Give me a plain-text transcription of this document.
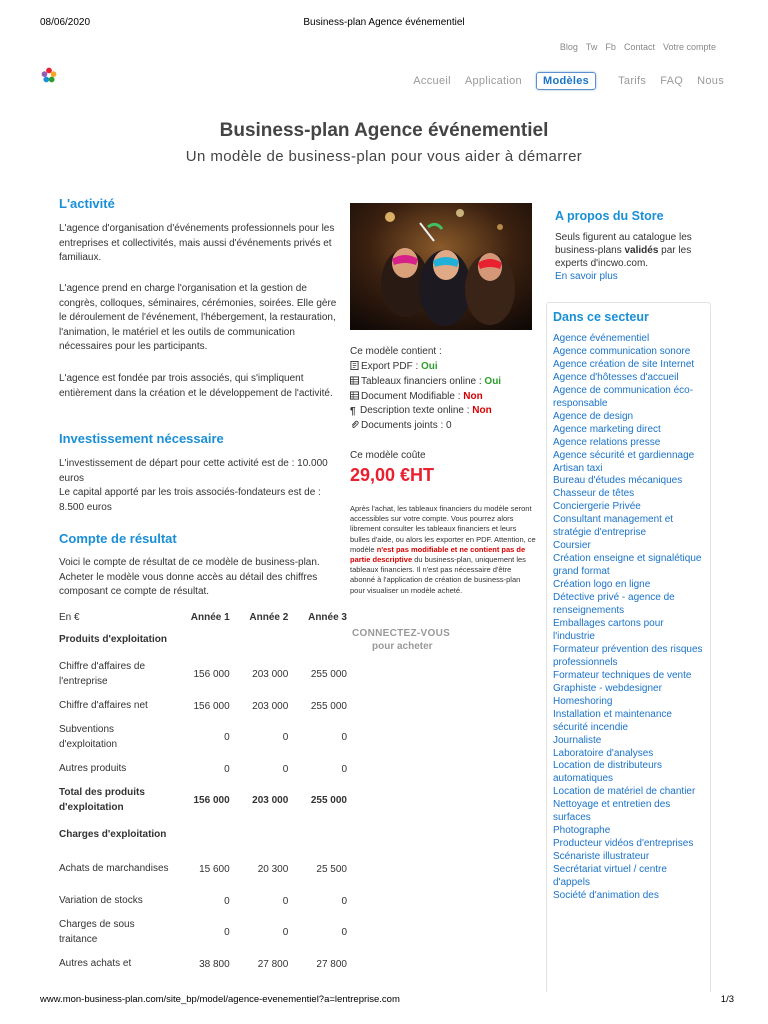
08/06/2020	Business-plan Agence événementiel
Blog Tw Fb Contact Votre compte
Accueil Application	Modèles	Tarifs FAQ Nous
Business-plan Agence événementiel
Un modèle de business-plan pour vous aider à démarrer
L'activité

L'agence d'organisation d'événements professionnels pour les entreprises et collectivités, mais aussi d'événements privés et familiaux.

L'agence prend en charge l'organisation et la gestion de congrès, colloques, séminaires, cérémonies, soirées. Elle gère le déroulement de l'événement, l'hébergement, la restauration, l'animation, le matériel et les outils de communication nécessaires pour les participants.

L'agence est fondée par trois associés, qui s'impliquent entièrement dans la création et le développement de l'activité.

Investissement nécessaire

L'investissement de départ pour cette activité est de : 10.000 euros

Le capital apporté par les trois associés-fondateurs est de : 8.500 euros

Compte de résultat

Voici le compte de résultat de ce modèle de business-plan. Acheter le modèle vous donne accès au détail des chiffres composant ce compte de résultat.

En €	Année 1	Année 2	Année 3
Produits d'exploitation			
Chiffre d'affaires de l'entreprise	156 000	203 000	255 000
Chiffre d'affaires net	156 000	203 000	255 000
Subventions d'exploitation	0	0	0
Autres produits	0	0	0
Total des produits d'exploitation	156 000	203 000	255 000
Charges d'exploitation			
Achats de marchandises	15 600	20 300	25 500
Variation de stocks	0	0	0
Charges de sous traitance	0	0	0
Autres achats et	38 800	27 800	27 800
Ce modèle contient :
Export PDF : Oui
Tableaux financiers online : Oui
Document Modifiable : Non
¶ Description texte online : Non
Documents joints : 0
Ce modèle coûte
29,00 €HT

Après l'achat, les tableaux financiers du modèle seront accessibles sur votre compte. Vous pourrez alors librement consulter les tableaux financiers et leurs bulles d'aide, ou alors les exporter en PDF. Attention, ce modèle n'est pas modifiable et ne contient pas de partie descriptive du business-plan, uniquement les tableaux financiers. Il n'est pas nécessaire d'être abonné à l'application de création de business-plan pour visualiser un modèle acheté.

CONNECTEZ-VOUS
pour acheter
A propos du Store

Seuls figurent au catalogue les business-plans validés par les experts d'incwo.com.
En savoir plus

Dans ce secteur
Agence événementiel
Agence communication sonore
Agence création de site Internet
Agence d'hôtesses d'accueil
Agence de communication éco-responsable
Agence de design
Agence marketing direct
Agence relations presse
Agence sécurité et gardiennage
Artisan taxi
Bureau d'études mécaniques
Chasseur de têtes
Conciergerie Privée
Consultant management et stratégie d'entreprise
Coursier
Création enseigne et signalétique grand format
Création logo en ligne
Détective privé - agence de renseignements
Emballages cartons pour l'industrie
Formateur prévention des risques professionnels
Formateur techniques de vente
Graphiste - webdesigner
Homeshoring
Installation et maintenance sécurité incendie
Journaliste
Laboratoire d'analyses
Location de distributeurs automatiques
Location de matériel de chantier
Nettoyage et entretien des surfaces
Photographe
Producteur vidéos d'entreprises
Scénariste illustrateur
Secrétariat virtuel / centre d'appels
Société d'animation des
www.mon-business-plan.com/site_bp/model/agence-evenementiel?a=lentreprise.com	1/3
